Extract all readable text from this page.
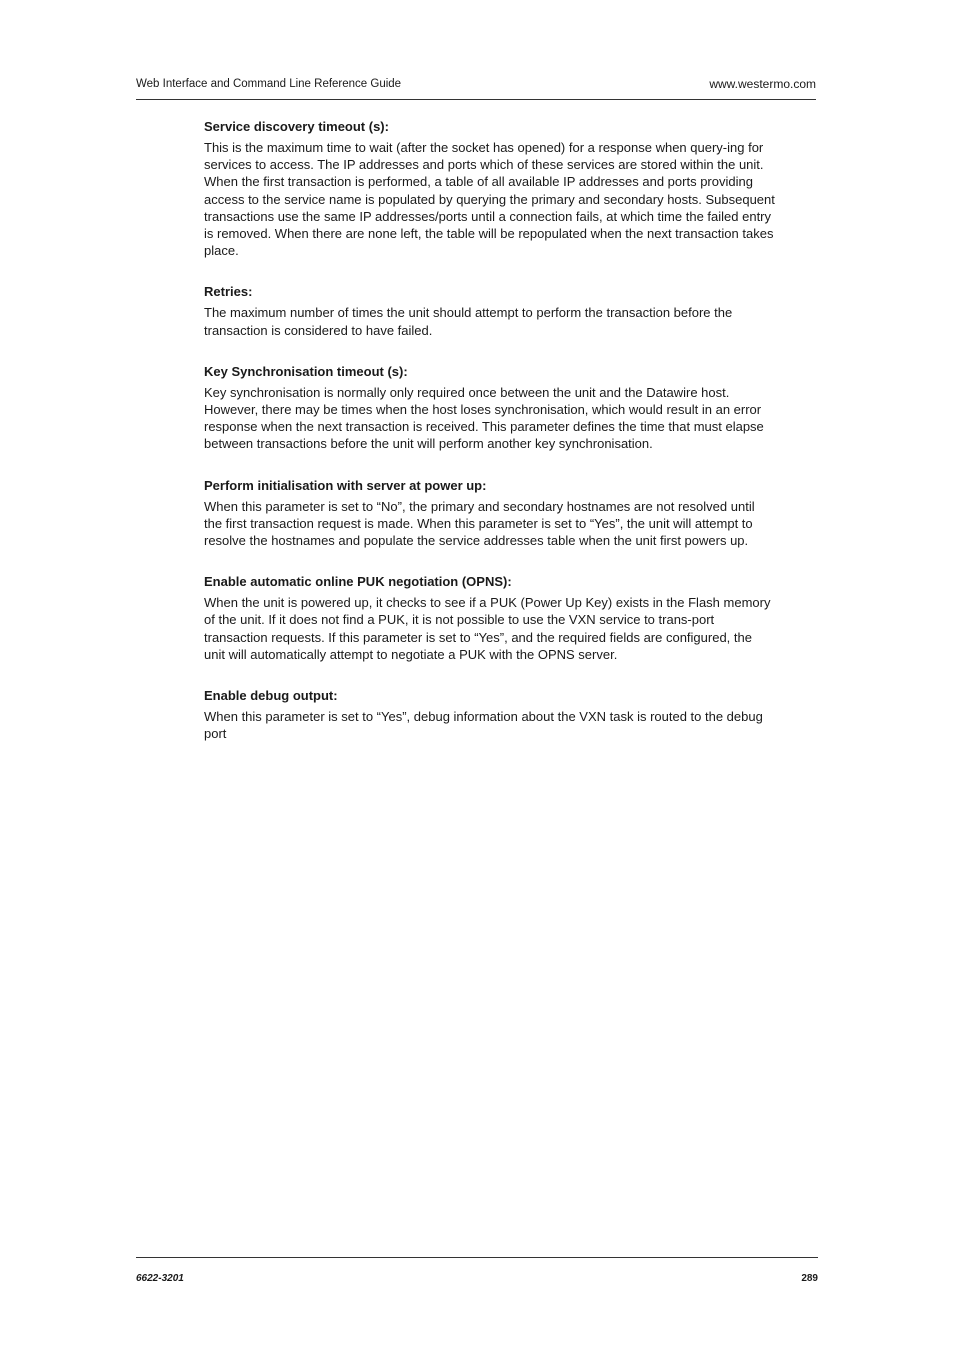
Web Interface and Command Line Reference Guide	www.westermo.com

Service discovery timeout (s):

This is the maximum time to wait (after the socket has opened) for a response when query-ing for services to access. The IP addresses and ports which of these services are stored within the unit. When the first transaction is performed, a table of all available IP addresses and ports providing access to the service name is populated by querying the primary and secondary hosts. Subsequent transactions use the same IP addresses/ports until a connection fails, at which time the failed entry is removed. When there are none left, the table will be repopulated when the next transaction takes place.

Retries:

The maximum number of times the unit should attempt to perform the transaction before the transaction is considered to have failed.

Key Synchronisation timeout (s):

Key synchronisation is normally only required once between the unit and the Datawire host. However, there may be times when the host loses synchronisation, which would result in an error response when the next transaction is received. This parameter defines the time that must elapse between transactions before the unit will perform another key synchronisation.

Perform initialisation with server at power up:

When this parameter is set to “No”, the primary and secondary hostnames are not resolved until the first transaction request is made. When this parameter is set to “Yes”, the unit will attempt to resolve the hostnames and populate the service addresses table when the unit first powers up.

Enable automatic online PUK negotiation (OPNS):

When the unit is powered up, it checks to see if a PUK (Power Up Key) exists in the Flash memory of the unit. If it does not find a PUK, it is not possible to use the VXN service to trans-port transaction requests. If this parameter is set to “Yes”, and the required fields are configured, the unit will automatically attempt to negotiate a PUK with the OPNS server.

Enable debug output:

When this parameter is set to “Yes”, debug information about the VXN task is routed to the debug port

6622-3201	289
